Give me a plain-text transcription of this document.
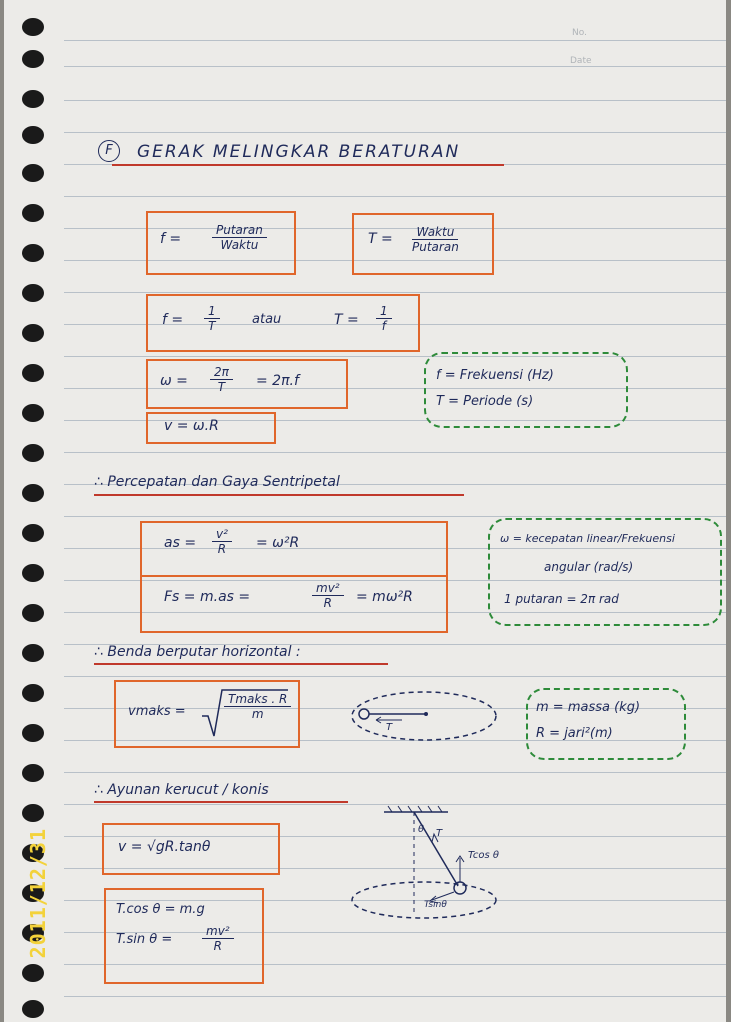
No.
Date
F	GERAK MELINGKAR BERATURAN
f =
Putaran
Waktu	T =	Waktu
Putaran
$f = \frac{1}{T}$ atau	$T = \frac{1}{f}$
$\omega = \frac{2\pi}{T} = 2\pi.f$
v = ω.R
f = Frekuensi (Hz)
T = Periode (s)
∴ Percepatan dan Gaya Sentripetal
as = $\frac{\text{v²}}{R} = \omega^2R$
Fs = m.as =	$\frac{\text{mv²}}{R} = m\omega^2R$
ω = kecepatan linear/Frekuensi
angular (rad/s)
1 putaran = 2π rad
∴ Benda berputar horizontal :
vmaks =
Tmaks . R
m
T
m = massa (kg)
R = jari²(m)
∴ Ayunan kerucut / konis
v = √gR.tanθ
T.cos θ = m.g
T.sin $\theta = \frac{\text{mv²}}{R}$
θ T
Tcos θ
Tsinθ
2011/12/31
